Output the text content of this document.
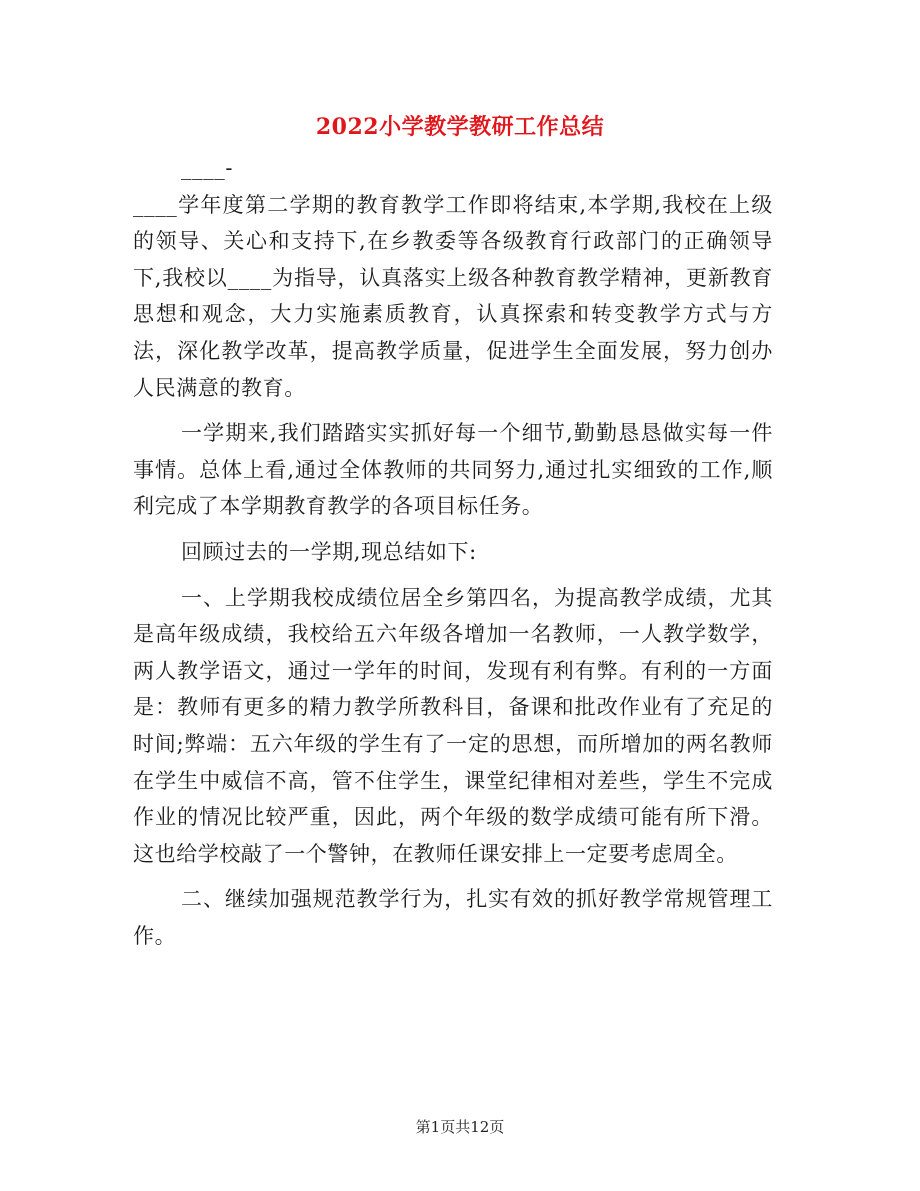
2022小学教学教研工作总结

____-

____学年度第二学期的教育教学工作即将结束,本学期,我校在上级的领导、关心和支持下,在乡教委等各级教育行政部门的正确领导下,我校以____为指导，认真落实上级各种教育教学精神，更新教育思想和观念，大力实施素质教育，认真探索和转变教学方式与方法，深化教学改革，提高教学质量，促进学生全面发展，努力创办人民满意的教育。

一学期来,我们踏踏实实抓好每一个细节,勤勤恳恳做实每一件事情。总体上看,通过全体教师的共同努力,通过扎实细致的工作,顺利完成了本学期教育教学的各项目标任务。

回顾过去的一学期,现总结如下:

一、上学期我校成绩位居全乡第四名，为提高教学成绩，尤其是高年级成绩，我校给五六年级各增加一名教师，一人教学数学，两人教学语文，通过一学年的时间，发现有利有弊。有利的一方面是：教师有更多的精力教学所教科目，备课和批改作业有了充足的时间;弊端：五六年级的学生有了一定的思想，而所增加的两名教师在学生中威信不高，管不住学生，课堂纪律相对差些，学生不完成作业的情况比较严重，因此，两个年级的数学成绩可能有所下滑。这也给学校敲了一个警钟，在教师任课安排上一定要考虑周全。

二、继续加强规范教学行为，扎实有效的抓好教学常规管理工作。

第1页共12页
